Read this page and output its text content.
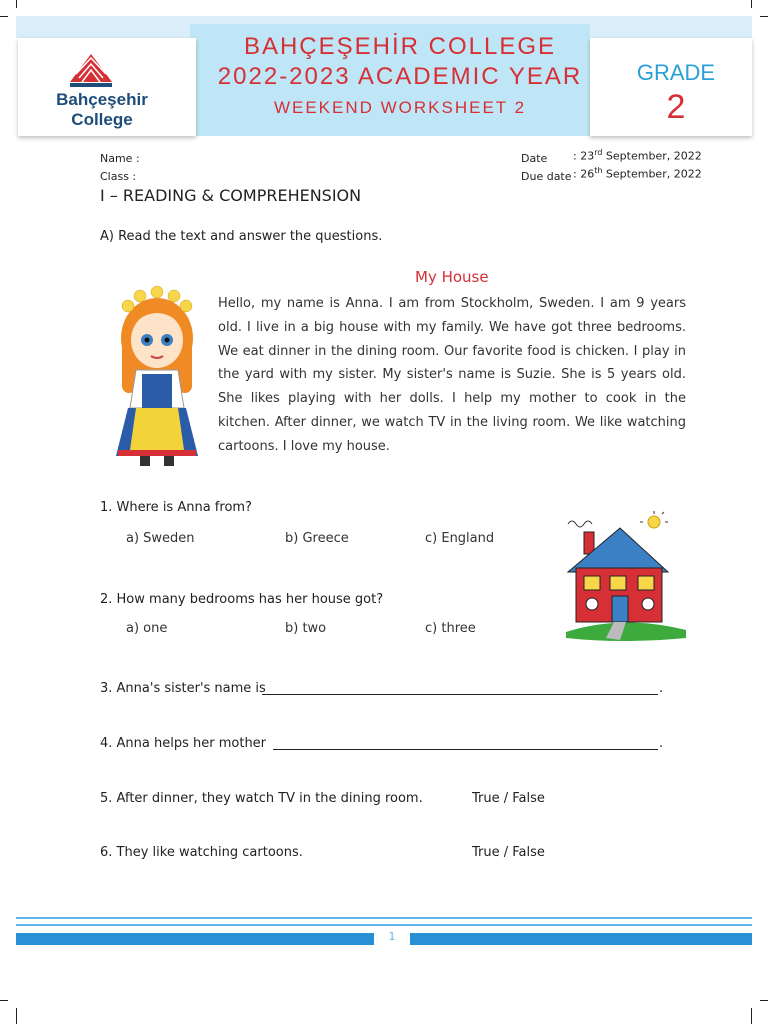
Bahçeşehir
College
BAHÇEŞEHİR COLLEGE
2022-2023 ACADEMIC YEAR
WEEKEND WORKSHEET 2
GRADE
2
Name :
Class :
Date : 23rd September, 2022
Due date : 26th September, 2022
I – READING & COMPREHENSION
A) Read the text and answer the questions.
My House
Hello, my name is Anna. I am from Stockholm, Sweden. I am 9 years old. I live in a big house with my family. We have got three bedrooms. We eat dinner in the dining room. Our favorite food is chicken. I play in the yard with my sister. My sister's name is Suzie. She is 5 years old. She likes playing with her dolls. I help my mother to cook in the kitchen. After dinner, we watch TV in the living room. We like watching cartoons. I love my house.
1. Where is Anna from?
a) Sweden	b) Greece	c) England
2. How many bedrooms has her house got?
a) one	b) two	c) three
3. Anna's sister's name is	.
4. Anna helps her mother	.
5. After dinner, they watch TV in the dining room.	True / False
6. They like watching cartoons.	True / False
1
